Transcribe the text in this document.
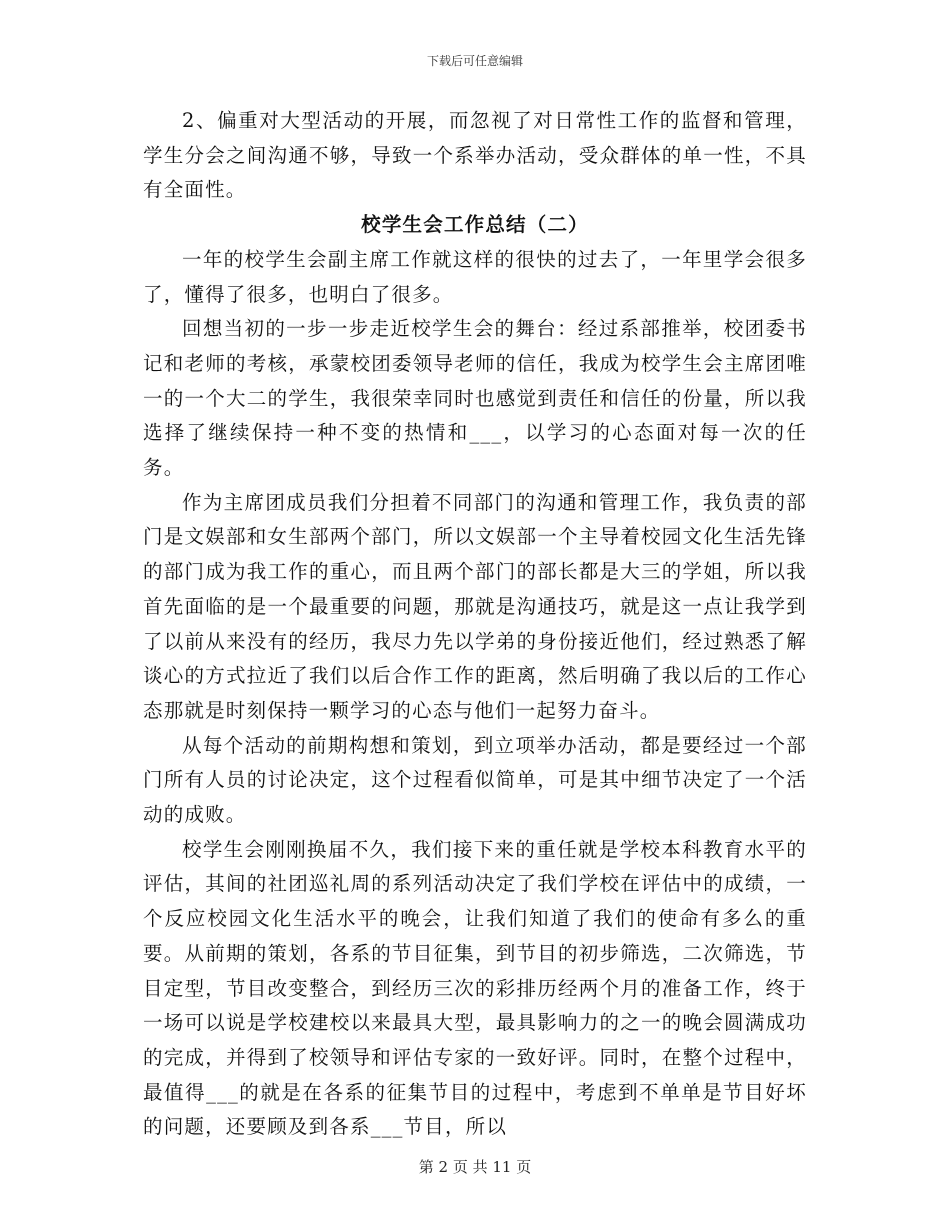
下载后可任意编辑

2、偏重对大型活动的开展，而忽视了对日常性工作的监督和管理，学生分会之间沟通不够，导致一个系举办活动，受众群体的单一性，不具有全面性。

校学生会工作总结（二）

一年的校学生会副主席工作就这样的很快的过去了，一年里学会很多了，懂得了很多，也明白了很多。

回想当初的一步一步走近校学生会的舞台：经过系部推举，校团委书记和老师的考核，承蒙校团委领导老师的信任，我成为校学生会主席团唯一的一个大二的学生，我很荣幸同时也感觉到责任和信任的份量，所以我选择了继续保持一种不变的热情和___，以学习的心态面对每一次的任务。

作为主席团成员我们分担着不同部门的沟通和管理工作，我负责的部门是文娱部和女生部两个部门，所以文娱部一个主导着校园文化生活先锋的部门成为我工作的重心，而且两个部门的部长都是大三的学姐，所以我首先面临的是一个最重要的问题，那就是沟通技巧，就是这一点让我学到了以前从来没有的经历，我尽力先以学弟的身份接近他们，经过熟悉了解谈心的方式拉近了我们以后合作工作的距离，然后明确了我以后的工作心态那就是时刻保持一颗学习的心态与他们一起努力奋斗。

从每个活动的前期构想和策划，到立项举办活动，都是要经过一个部门所有人员的讨论决定，这个过程看似简单，可是其中细节决定了一个活动的成败。

校学生会刚刚换届不久，我们接下来的重任就是学校本科教育水平的评估，其间的社团巡礼周的系列活动决定了我们学校在评估中的成绩，一个反应校园文化生活水平的晚会，让我们知道了我们的使命有多么的重要。从前期的策划，各系的节目征集，到节目的初步筛选，二次筛选，节目定型，节目改变整合，到经历三次的彩排历经两个月的准备工作，终于一场可以说是学校建校以来最具大型，最具影响力的之一的晚会圆满成功的完成，并得到了校领导和评估专家的一致好评。同时，在整个过程中，最值得___的就是在各系的征集节目的过程中，考虑到不单单是节目好坏的问题，还要顾及到各系___节目，所以

第 2 页 共 11 页
